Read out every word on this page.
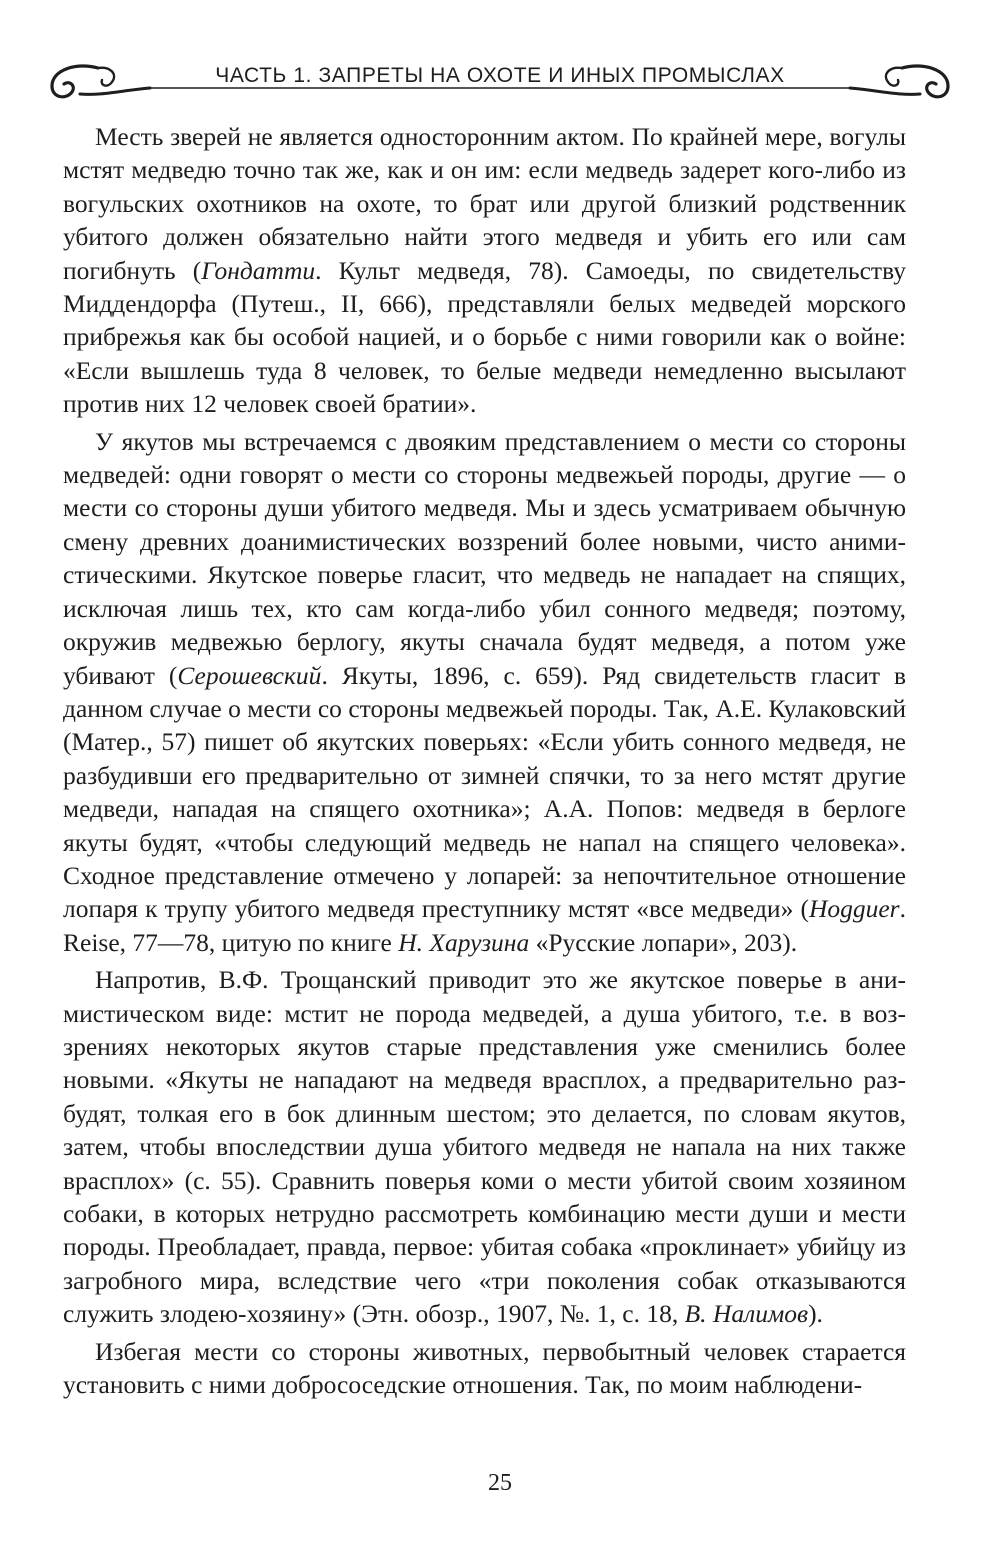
ЧАСТЬ 1. ЗАПРЕТЫ НА ОХОТЕ И ИНЫХ ПРОМЫСЛАХ

Месть зверей не является односторонним актом. По крайней мере, вогулы мстят медведю точно так же, как и он им: если медведь задерет кого-либо из вогульских охотников на охоте, то брат или другой близкий родственник убитого должен обязательно найти этого медведя и убить его или сам погибнуть (Гондатти. Культ медведя, 78). Самоеды, по свидетельству Миддендорфа (Путеш., II, 666), представляли белых медведей морского прибрежья как бы особой нацией, и о борьбе с ними говорили как о войне: «Если вышлешь туда 8 человек, то белые медведи немедленно высылают против них 12 человек своей братии».

У якутов мы встречаемся с двояким представлением о мести со стороны медведей: одни говорят о мести со стороны медвежьей породы, другие — о мести со стороны души убитого медведя. Мы и здесь усматриваем обычную смену древних доанимистических воззрений более новыми, чисто анимистическими. Якутское поверье гласит, что медведь не нападает на спящих, исключая лишь тех, кто сам когда-либо убил сонного медведя; поэтому, окружив медвежью берлогу, якуты сначала будят медведя, а потом уже убивают (Серошевский. Якуты, 1896, с. 659). Ряд свидетельств гласит в данном случае о мести со стороны медвежьей породы. Так, А.Е. Кулаковский (Матер., 57) пишет об якутских поверьях: «Если убить сонного медведя, не разбудивши его предварительно от зимней спячки, то за него мстят другие медведи, нападая на спящего охотника»; А.А. Попов: медведя в берлоге якуты будят, «чтобы следующий медведь не напал на спящего человека». Сходное представление отмечено у лопарей: за непочтительное отношение лопаря к трупу убитого медведя преступнику мстят «все медведи» (Hogguer. Reise, 77—78, цитую по книге Н. Харузина «Русские лопари», 203).

Напротив, В.Ф. Трощанский приводит это же якутское поверье в анимистическом виде: мстит не порода медведей, а душа убитого, т.е. в воззрениях некоторых якутов старые представления уже сменились более новыми. «Якуты не нападают на медведя врасплох, а предварительно разбудят, толкая его в бок длинным шестом; это делается, по словам якутов, затем, чтобы впоследствии душа убитого медведя не напала на них также врасплох» (с. 55). Сравнить поверья коми о мести убитой своим хозяином собаки, в которых нетрудно рассмотреть комбинацию мести души и мести породы. Преобладает, правда, первое: убитая собака «проклинает» убийцу из загробного мира, вследствие чего «три поколения собак отказываются служить злодею-хозяину» (Этн. обозр., 1907, №. 1, с. 18, В. Налимов).

Избегая мести со стороны животных, первобытный человек старается установить с ними добрососедские отношения. Так, по моим наблюдени-

25
